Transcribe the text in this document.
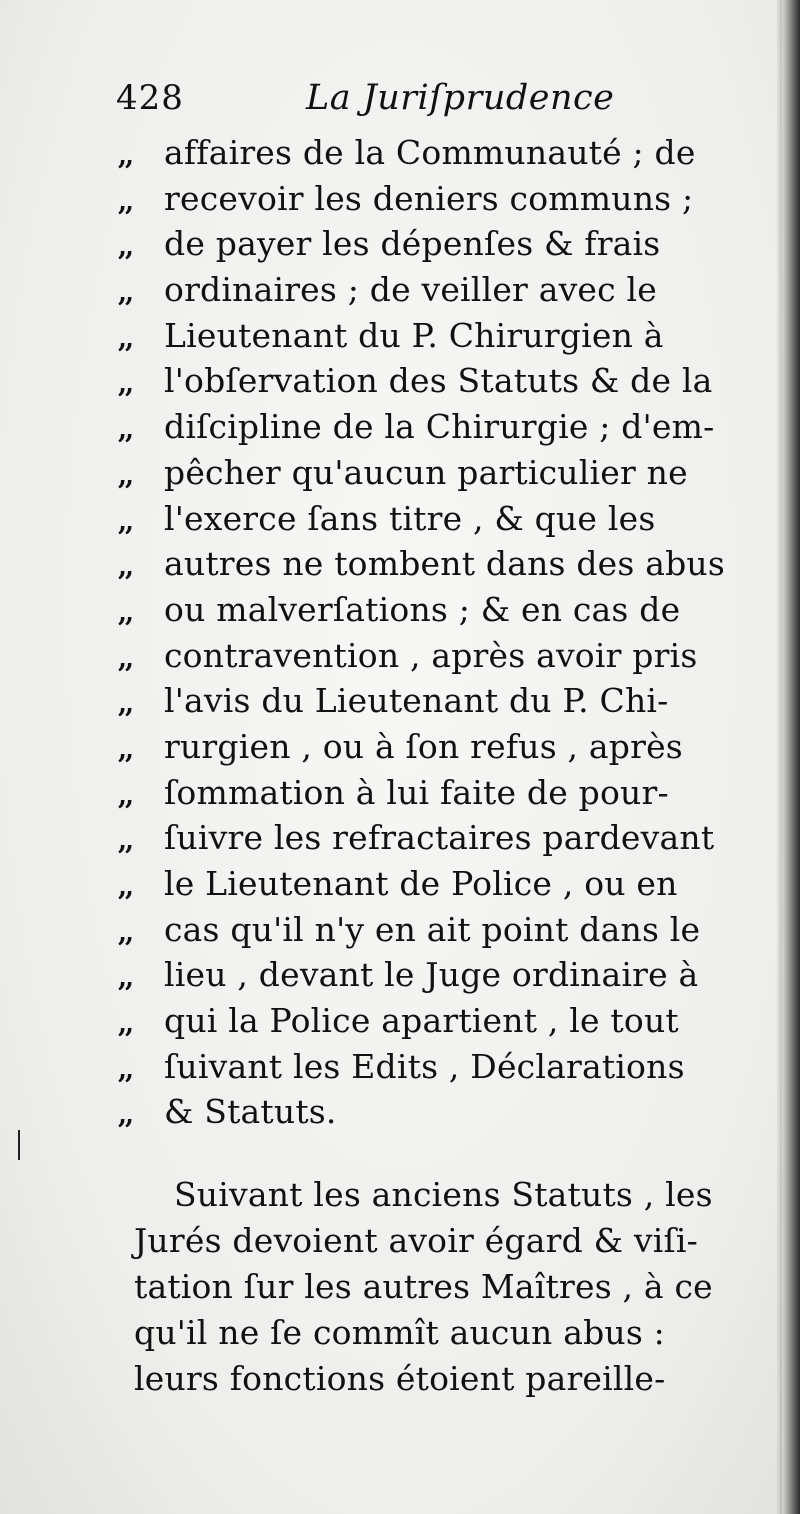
428	La Juriſprudence
,, affaires de la Communauté ; de
,, recevoir les deniers communs ;
,, de payer les dépenſes & frais
,, ordinaires ; de veiller avec le
,, Lieutenant du P. Chirurgien à
,, l'obſervation des Statuts & de la
,, diſcipline de la Chirurgie ; d'em-
,, pêcher qu'aucun particulier ne
,, l'exerce ſans titre , & que les
,, autres ne tombent dans des abus
,, ou malverſations ; & en cas de
,, contravention , après avoir pris
,, l'avis du Lieutenant du P. Chi-
,, rurgien , ou à ſon refus , après
,, ſommation à lui faite de pour-
,, ſuivre les refractaires pardevant
,, le Lieutenant de Police , ou en
,, cas qu'il n'y en ait point dans le
,, lieu , devant le Juge ordinaire à
,, qui la Police apartient , le tout
,, ſuivant les Edits , Déclarations
,, & Statuts.
Suivant les anciens Statuts , les
Jurés devoient avoir égard & viſi-
tation ſur les autres Maîtres , à ce
qu'il ne ſe commît aucun abus :
leurs fonctions étoient pareille-
